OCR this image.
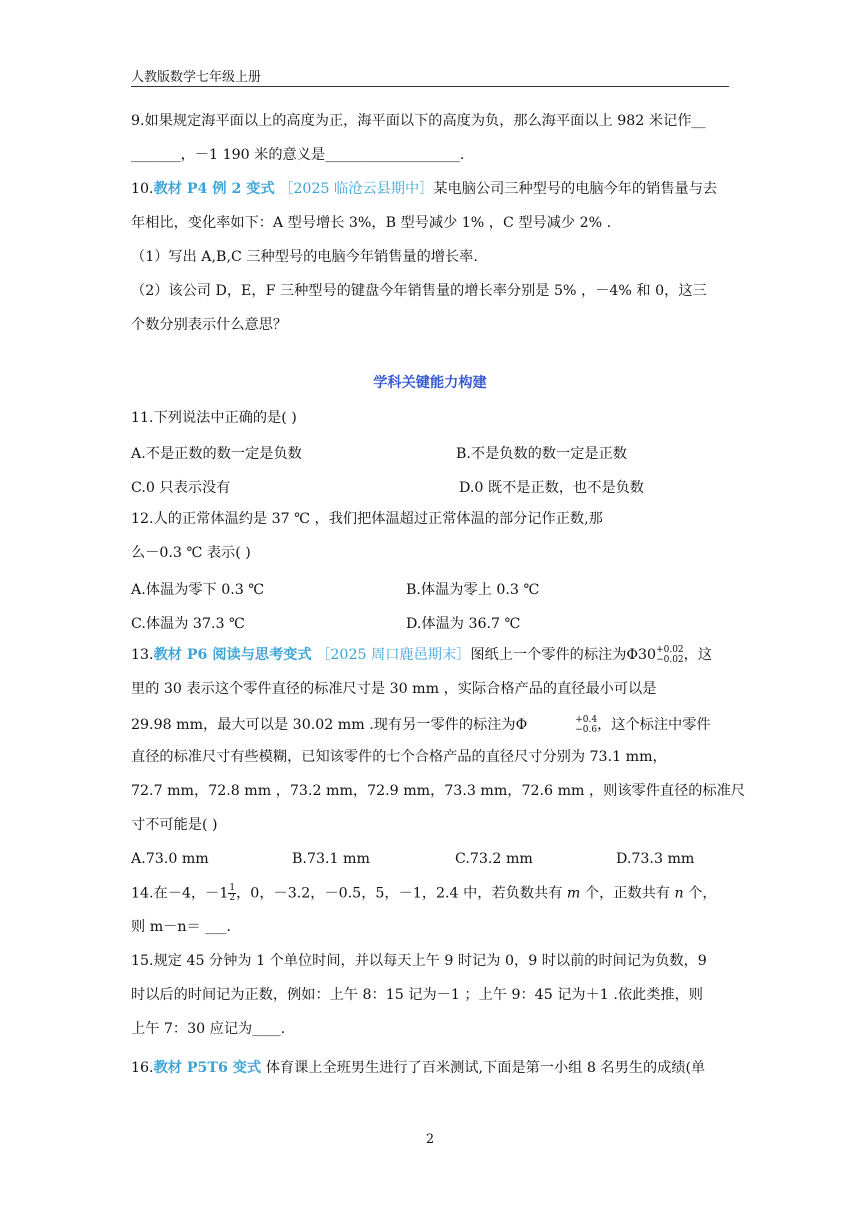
人教版数学七年级上册
9.如果规定海平面以上的高度为正，海平面以下的高度为负，那么海平面以上 982 米记作__
_______，－1 190 米的意义是___________________.
10.教材 P4 例 2 变式 ［2025 临沧云县期中］某电脑公司三种型号的电脑今年的销售量与去
年相比，变化率如下：A 型号增长 3%，B 型号减少 1% ，C 型号减少 2% .
（1）写出 A,B,C 三种型号的电脑今年销售量的增长率.
（2）该公司 D，E，F 三种型号的键盘今年销售量的增长率分别是 5% ，－4% 和 0，这三
个数分别表示什么意思？
学科关键能力构建
11.下列说法中正确的是( )
A.不是正数的数一定是负数	B.不是负数的数一定是正数
C.0 只表示没有	D.0 既不是正数，也不是负数
12.人的正常体温约是 37 ℃ ，我们把体温超过正常体温的部分记作正数,那
么－0.3 ℃ 表示( )
A.体温为零下 0.3 ℃	B.体温为零上 0.3 ℃
C.体温为 37.3 ℃	D.体温为 36.7 ℃
13.教材 P6 阅读与思考变式 ［2025 周口鹿邑期末］图纸上一个零件的标注为Φ30 +0.02
−0.02 ，这
里的 30 表示这个零件直径的标准尺寸是 30 mm ，实际合格产品的直径最小可以是
29.98 mm，最大可以是 30.02 mm .现有另一零件的标注为Φ	+0.4
−0.6 ，这个标注中零件
直径的标准尺寸有些模糊，已知该零件的七个合格产品的直径尺寸分别为 73.1 mm，
72.7 mm，72.8 mm ，73.2 mm，72.9 mm，73.3 mm，72.6 mm ，则该零件直径的标准尺
寸不可能是( )
A.73.0 mm	B.73.1 mm	C.73.2 mm	D.73.3 mm
14.在－4，$-1 \frac{1}{2}$ ，0，－3.2，－0.5，5，－1，2.4 中，若负数共有 m 个，正数共有 n 个，
则 m－n＝ ___.
15.规定 45 分钟为 1 个单位时间，并以每天上午 9 时记为 0，9 时以前的时间记为负数，9
时以后的时间记为正数，例如：上午 8：15 记为－1 ；上午 9：45 记为＋1 .依此类推，则
上午 7：30 应记为____.
16.教材 P5T6 变式 体育课上全班男生进行了百米测试,下面是第一小组 8 名男生的成绩(单
2
